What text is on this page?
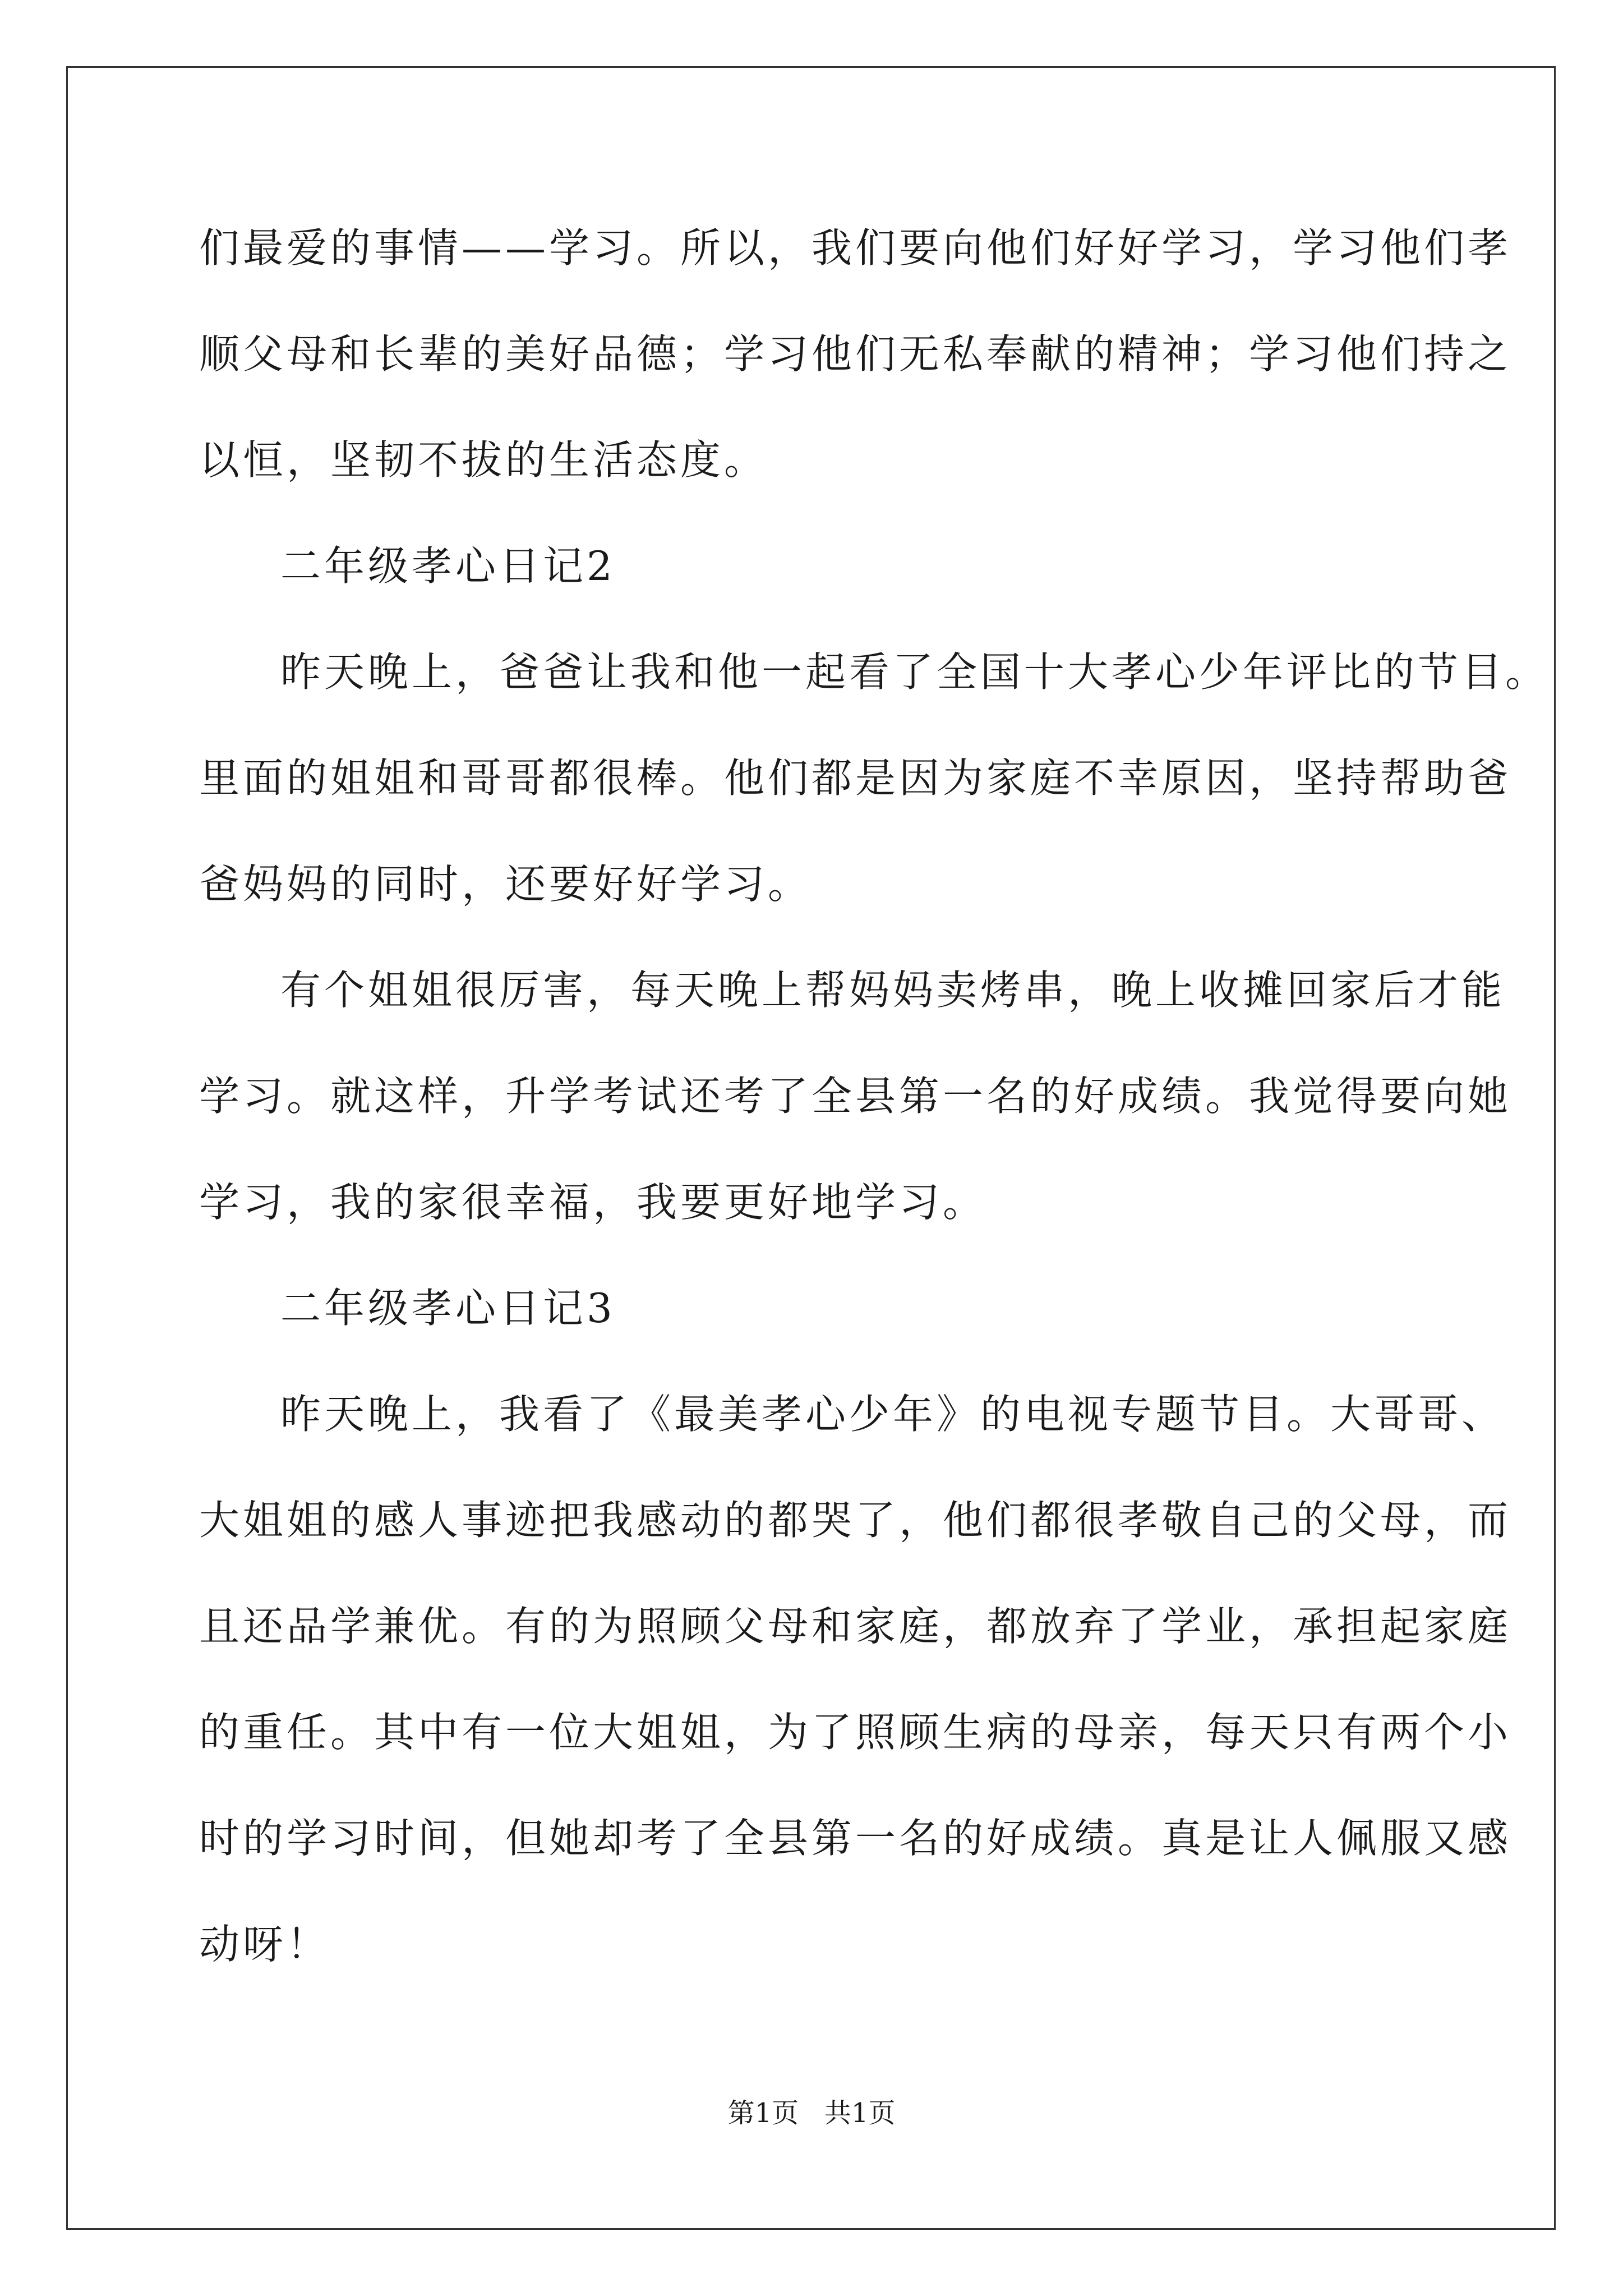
们最爱的事情——学习。所以，我们要向他们好好学习，学习他们孝
顺父母和长辈的美好品德；学习他们无私奉献的精神；学习他们持之
以恒，坚韧不拔的生活态度。
二年级孝心日记2
昨天晚上，爸爸让我和他一起看了全国十大孝心少年评比的节目。
里面的姐姐和哥哥都很棒。他们都是因为家庭不幸原因，坚持帮助爸
爸妈妈的同时，还要好好学习。
有个姐姐很厉害，每天晚上帮妈妈卖烤串，晚上收摊回家后才能
学习。就这样，升学考试还考了全县第一名的好成绩。我觉得要向她
学习，我的家很幸福，我要更好地学习。
二年级孝心日记3
昨天晚上，我看了《最美孝心少年》的电视专题节目。大哥哥、
大姐姐的感人事迹把我感动的都哭了，他们都很孝敬自己的父母，而
且还品学兼优。有的为照顾父母和家庭，都放弃了学业，承担起家庭
的重任。其中有一位大姐姐，为了照顾生病的母亲，每天只有两个小
时的学习时间，但她却考了全县第一名的好成绩。真是让人佩服又感
动呀！
第1页   共1页
